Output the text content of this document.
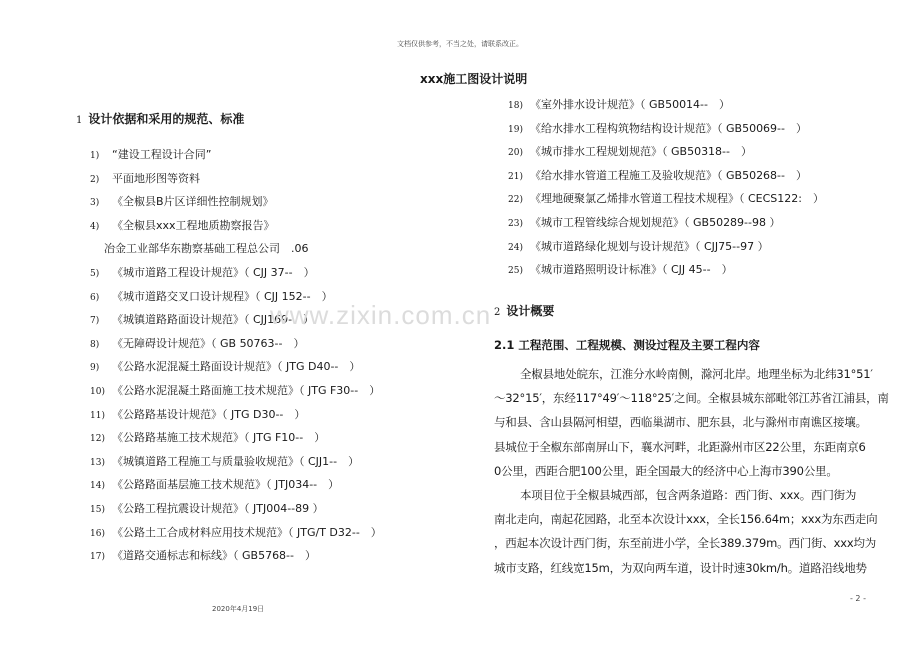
文档仅供参考，不当之处，请联系改正。
xxx施工图设计说明
1 设计依据和采用的规范、标准
1) “建设工程设计合同”
2) 平面地形图等资料
3) 《全椒县B片区详细性控制规划》
4) 《全椒县xxx工程地质勘察报告》
冶金工业部华东勘察基础工程总公司　.06
5) 《城市道路工程设计规范》（ CJJ 37--　）
6) 《城市道路交叉口设计规程》（ CJJ 152--　）
7) 《城镇道路路面设计规范》（ CJJ169-　）
8) 《无障碍设计规范》（ GB 50763--　）
9) 《公路水泥混凝土路面设计规范》（ JTG D40--　）
10) 《公路水泥混凝土路面施工技术规范》（ JTG F30--　）
11) 《公路路基设计规范》（ JTG D30--　）
12) 《公路路基施工技术规范》（ JTG F10--　）
13) 《城镇道路工程施工与质量验收规范》（ CJJ1--　）
14) 《公路路面基层施工技术规范》（ JTJ034--　）
15) 《公路工程抗震设计规范》（ JTJ004--89 ）
16) 《公路土工合成材料应用技术规范》（ JTG/T D32--　）
17) 《道路交通标志和标线》（ GB5768--　）
18) 《室外排水设计规范》（ GB50014--　）
19) 《给水排水工程构筑物结构设计规范》（ GB50069--　）
20) 《城市排水工程规划规范》（ GB50318--　）
21) 《给水排水管道工程施工及验收规范》（ GB50268--　）
22) 《埋地硬聚氯乙烯排水管道工程技术规程》（ CECS122:　）
23) 《城市工程管线综合规划规范》（ GB50289--98 ）
24) 《城市道路绿化规划与设计规范》（ CJJ75--97 ）
25) 《城市道路照明设计标准》（ CJJ 45--　）
www.zixin.com.cn 2 设计概要
2.1 工程范围、工程规模、测设过程及主要工程内容
全椒县地处皖东，江淮分水岭南侧，滁河北岸。地理坐标为北纬31°51′
～32°15′，东经117°49′～118°25′之间。全椒县城东部毗邻江苏省江浦县，南
与和县、含山县隔河相望，西临巢湖市、肥东县，北与滁州市南谯区接壤。
县城位于全椒东部南屏山下，襄水河畔，北距滁州市区22公里，东距南京6
0公里，西距合肥100公里，距全国最大的经济中心上海市390公里。
本项目位于全椒县城西部，包含两条道路：西门街、xxx。西门街为
南北走向，南起花园路，北至本次设计xxx，全长156.64m；xxx为东西走向
，西起本次设计西门街，东至前进小学，全长389.379m。西门街、xxx均为
城市支路，红线宽15m，为双向两车道，设计时速30km/h。道路沿线地势
2020年4月19日
- 2 -
